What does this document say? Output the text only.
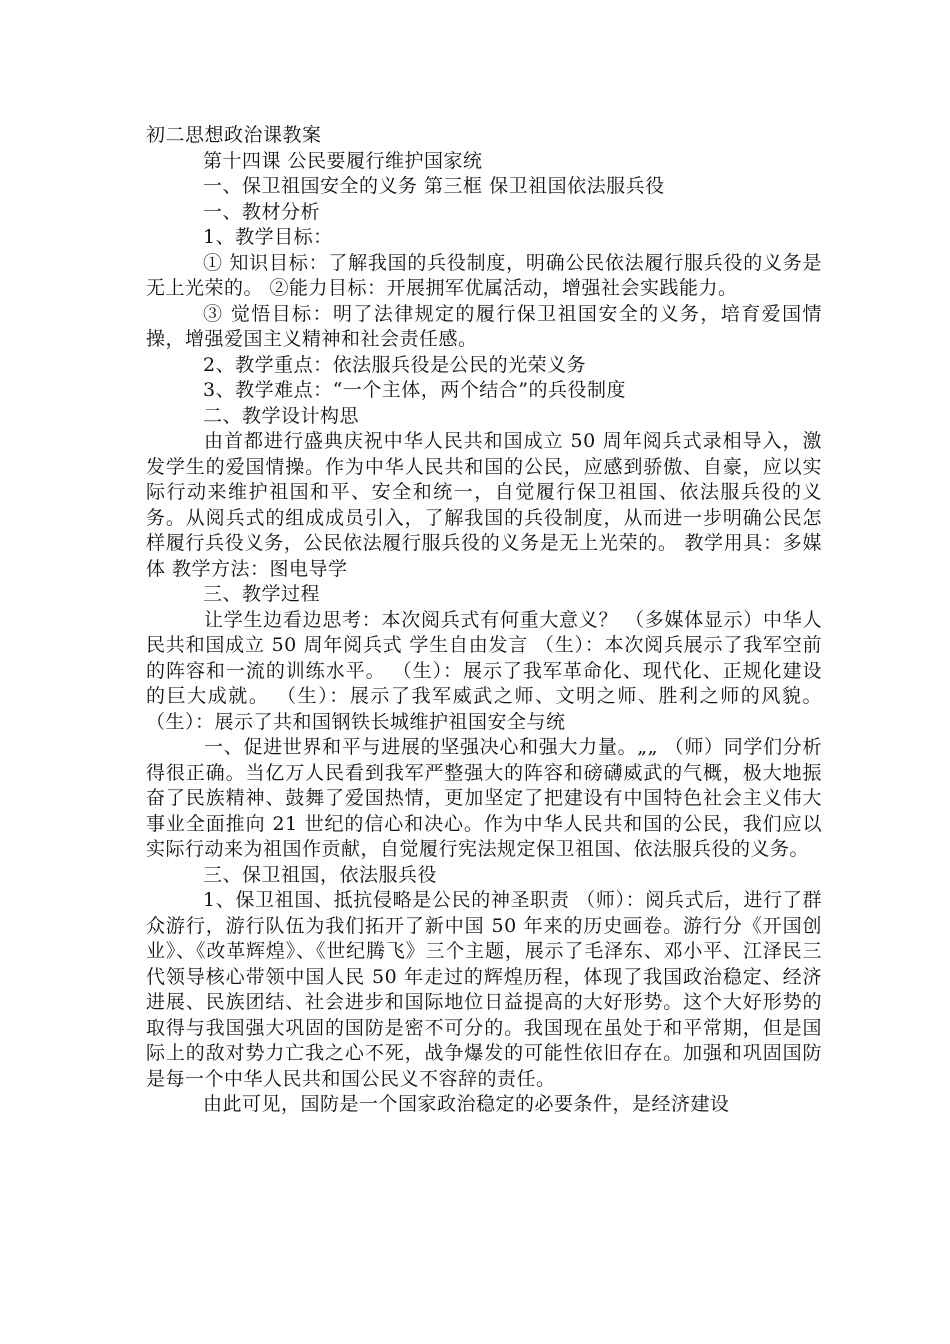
初二思想政治课教案

第十四课 公民要履行维护国家统

一、保卫祖国安全的义务 第三框 保卫祖国依法服兵役

一、教材分析

1、教学目标：

① 知识目标：了解我国的兵役制度，明确公民依法履行服兵役的义务是无上光荣的。 ②能力目标：开展拥军优属活动，增强社会实践能力。

③ 觉悟目标：明了法律规定的履行保卫祖国安全的义务，培育爱国情操，增强爱国主义精神和社会责任感。

2、教学重点：依法服兵役是公民的光荣义务

3、教学难点：“一个主体，两个结合”的兵役制度

二、教学设计构思

由首都进行盛典庆祝中华人民共和国成立 50 周年阅兵式录相导入，激发学生的爱国情操。作为中华人民共和国的公民，应感到骄傲、自豪，应以实际行动来维护祖国和平、安全和统一，自觉履行保卫祖国、依法服兵役的义务。从阅兵式的组成成员引入，了解我国的兵役制度，从而进一步明确公民怎样履行兵役义务，公民依法履行服兵役的义务是无上光荣的。 教学用具：多媒体 教学方法：图电导学

三、教学过程

让学生边看边思考：本次阅兵式有何重大意义？ （多媒体显示）中华人民共和国成立 50 周年阅兵式 学生自由发言 （生）：本次阅兵展示了我军空前的阵容和一流的训练水平。 （生）：展示了我军革命化、现代化、正规化建设的巨大成就。 （生）：展示了我军威武之师、文明之师、胜利之师的风貌。 （生）：展示了共和国钢铁长城维护祖国安全与统

一、促进世界和平与进展的坚强决心和强大力量。„„ （师）同学们分析得很正确。当亿万人民看到我军严整强大的阵容和磅礴威武的气概，极大地振奋了民族精神、鼓舞了爱国热情，更加坚定了把建设有中国特色社会主义伟大事业全面推向 21 世纪的信心和决心。作为中华人民共和国的公民，我们应以实际行动来为祖国作贡献，自觉履行宪法规定保卫祖国、依法服兵役的义务。

三、保卫祖国，依法服兵役

1、保卫祖国、抵抗侵略是公民的神圣职责 （师）：阅兵式后，进行了群众游行，游行队伍为我们拓开了新中国 50 年来的历史画卷。游行分《开国创业》、《改革辉煌》、《世纪腾飞》三个主题，展示了毛泽东、邓小平、江泽民三代领导核心带领中国人民 50 年走过的辉煌历程，体现了我国政治稳定、经济进展、民族团结、社会进步和国际地位日益提高的大好形势。这个大好形势的取得与我国强大巩固的国防是密不可分的。我国现在虽处于和平常期，但是国际上的敌对势力亡我之心不死，战争爆发的可能性依旧存在。加强和巩固国防是每一个中华人民共和国公民义不容辞的责任。

由此可见，国防是一个国家政治稳定的必要条件，是经济建设
